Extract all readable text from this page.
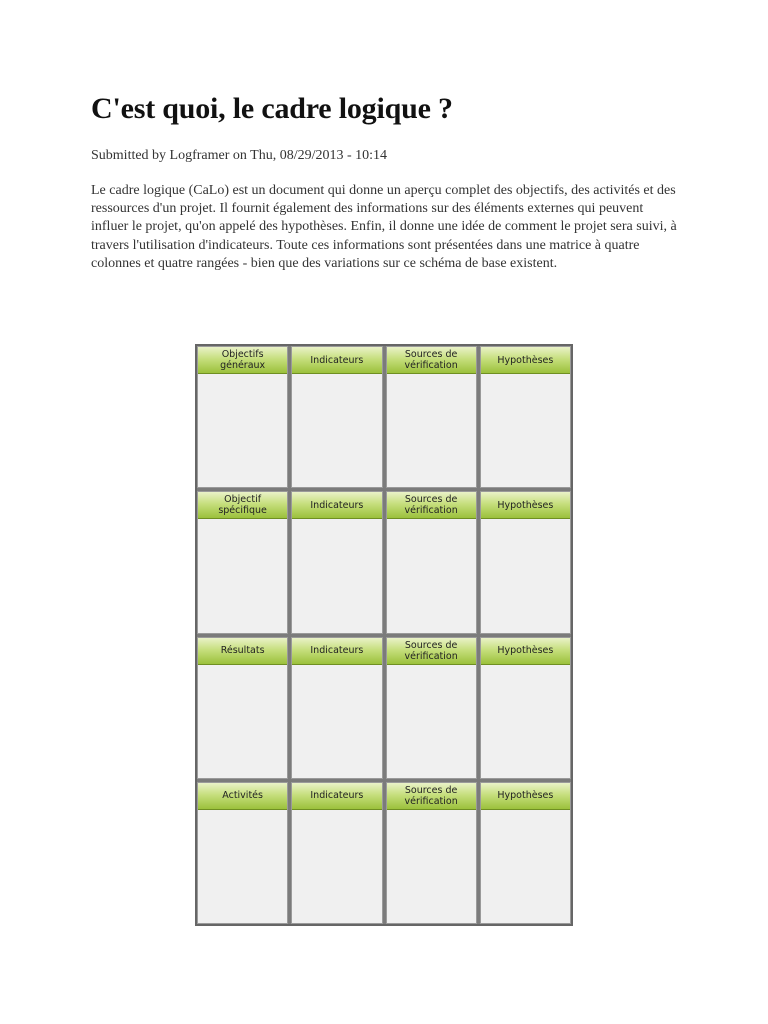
C'est quoi, le cadre logique ?
Submitted by Logframer on Thu, 08/29/2013 - 10:14

Le cadre logique (CaLo) est un document qui donne un aperçu complet des objectifs, des activités et des ressources d'un projet. Il fournit également des informations sur des éléments externes qui peuvent influer le projet, qu'on appelé des hypothèses. Enfin, il donne une idée de comment le projet sera suivi, à travers l'utilisation d'indicateurs. Toute ces informations sont présentées dans une matrice à quatre colonnes et quatre rangées - bien que des variations sur ce schéma de base existent.

Objectifs généraux	Indicateurs	Sources de vérification	Hypothèses
Objectif spécifique	Indicateurs	Sources de vérification	Hypothèses
Résultats	Indicateurs	Sources de vérification	Hypothèses
Activités	Indicateurs	Sources de vérification	Hypothèses
